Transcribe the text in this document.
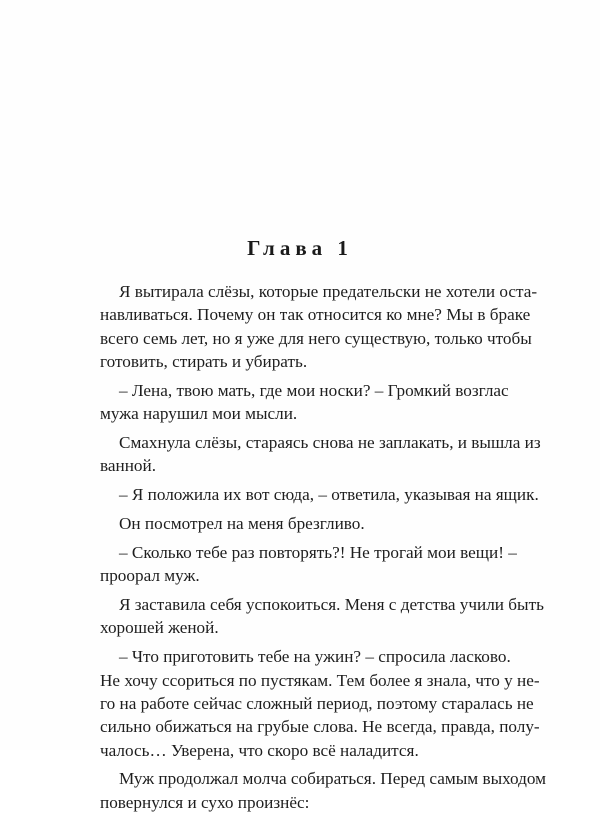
Глава 1
Я вытирала слёзы, которые предательски не хотели оста-
навливаться. Почему он так относится ко мне? Мы в браке
всего семь лет, но я уже для него существую, только чтобы
готовить, стирать и убирать.
– Лена, твою мать, где мои носки? – Громкий возглас
мужа нарушил мои мысли.
Смахнула слёзы, стараясь снова не заплакать, и вышла из
ванной.
– Я положила их вот сюда, – ответила, указывая на ящик.
Он посмотрел на меня брезгливо.
– Сколько тебе раз повторять?! Не трогай мои вещи! –
проорал муж.
Я заставила себя успокоиться. Меня с детства учили быть
хорошей женой.
– Что приготовить тебе на ужин? – спросила ласково.
Не хочу ссориться по пустякам. Тем более я знала, что у не-
го на работе сейчас сложный период, поэтому старалась не
сильно обижаться на грубые слова. Не всегда, правда, полу-
чалось… Уверена, что скоро всё наладится.
Муж продолжал молча собираться. Перед самым выходом
повернулся и сухо произнёс:
